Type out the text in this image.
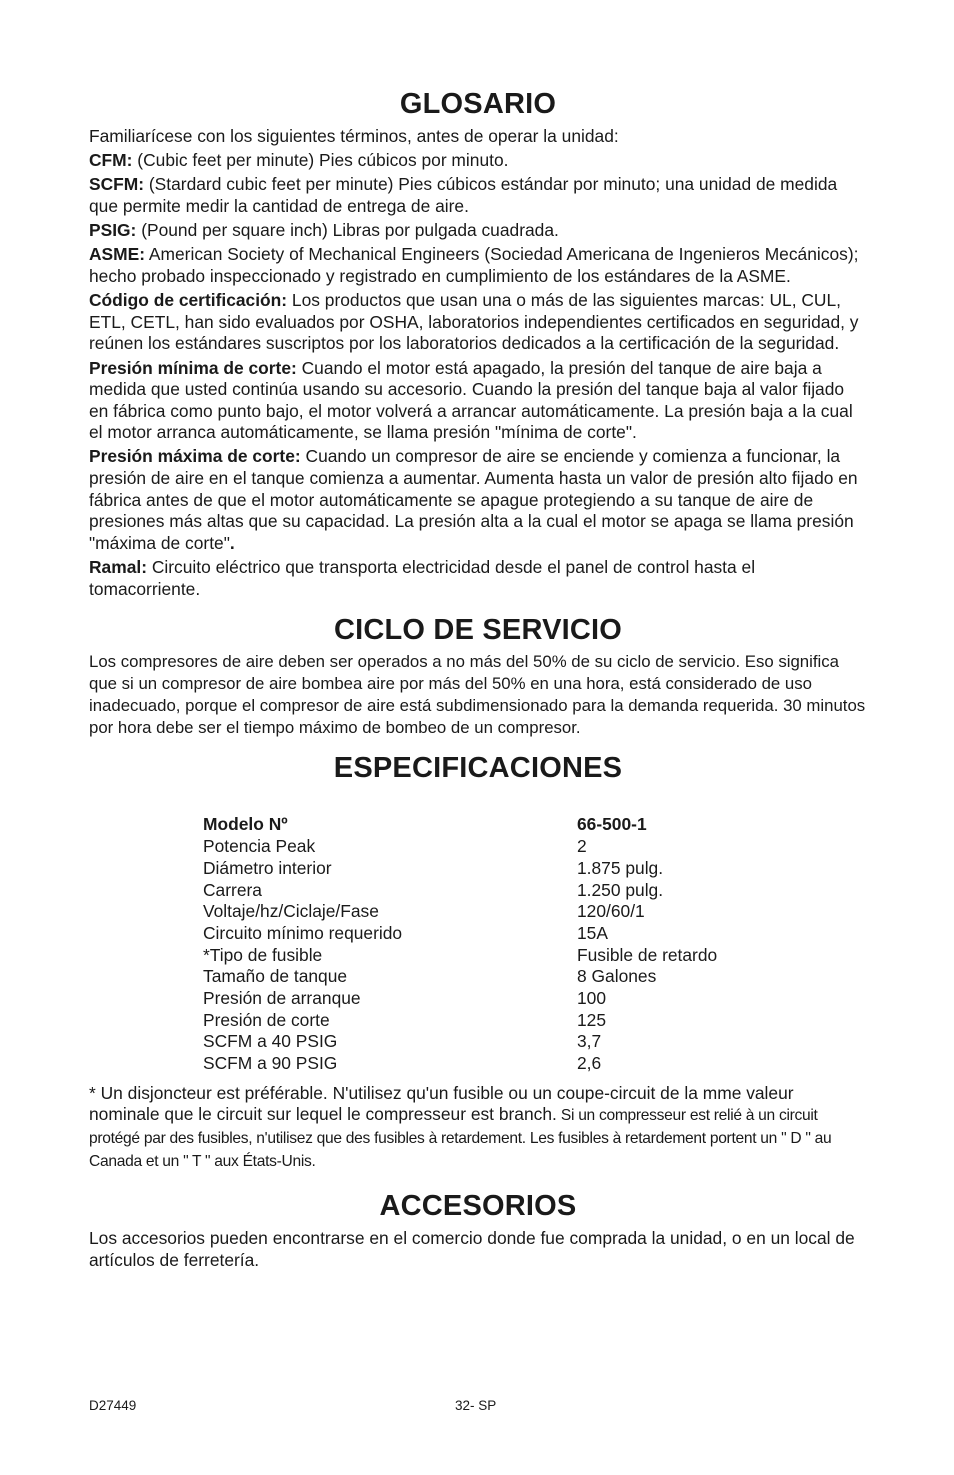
GLOSARIO

Familiarícese con los siguientes términos, antes de operar la unidad:

CFM: (Cubic feet per minute) Pies cúbicos por minuto.

SCFM: (Stardard cubic feet per minute) Pies cúbicos estándar por minuto; una unidad de medida que permite medir la cantidad de entrega de aire.

PSIG: (Pound per square inch) Libras por pulgada cuadrada.

ASME: American Society of Mechanical Engineers (Sociedad Americana de Ingenieros Mecánicos); hecho probado inspeccionado y registrado en cumplimiento de los estándares de la ASME.

Código de certificación: Los productos que usan una o más de las siguientes marcas: UL, CUL, ETL, CETL, han sido evaluados por OSHA, laboratorios independientes certificados en seguridad, y reúnen los estándares suscriptos por los laboratorios dedicados a la certificación de la seguridad.

Presión mínima de corte: Cuando el motor está apagado, la presión del tanque de aire baja a medida que usted continúa usando su accesorio. Cuando la presión del tanque baja al valor fijado en fábrica como punto bajo, el motor volverá a arrancar automáticamente. La presión baja a la cual el motor arranca automáticamente, se llama presión "mínima de corte".

Presión máxima de corte: Cuando un compresor de aire se enciende y comienza a funcionar, la presión de aire en el tanque comienza a aumentar. Aumenta hasta un valor de presión alto fijado en fábrica antes de que el motor automáticamente se apague protegiendo a su tanque de aire de presiones más altas que su capacidad. La presión alta a la cual el motor se apaga se llama presión "máxima de corte".

Ramal: Circuito eléctrico que transporta electricidad desde el panel de control hasta el tomacorriente.

CICLO DE SERVICIO

Los compresores de aire deben ser operados a no más del 50% de su ciclo de servicio. Eso significa que si un compresor de aire bombea aire por más del 50% en una hora, está considerado de uso inadecuado, porque el compresor de aire está subdimensionado para la demanda requerida. 30 minutos por hora debe ser el tiempo máximo de bombeo de un compresor.

ESPECIFICACIONES
Modelo Nº	66-500-1
Potencia Peak	2
Diámetro interior	1.875 pulg.
Carrera	1.250 pulg.
Voltaje/hz/Ciclaje/Fase	120/60/1
Circuito mínimo requerido	15A
*Tipo de fusible	Fusible de retardo
Tamaño de tanque	8 Galones
Presión de arranque	100
Presión de corte	125
SCFM a 40 PSIG	3,7
SCFM a 90 PSIG	2,6

* Un disjoncteur est préférable. N'utilisez qu'un fusible ou un coupe-circuit de la mme valeur nominale que le circuit sur lequel le compresseur est branch. Si un compresseur est relié à un circuit protégé par des fusibles, n'utilisez que des fusibles à retardement. Les fusibles à retardement portent un " D " au Canada et un " T " aux États-Unis.

ACCESORIOS

Los accesorios pueden encontrarse en el comercio donde fue comprada la unidad, o en un local de artículos de ferretería.

D27449	32- SP
